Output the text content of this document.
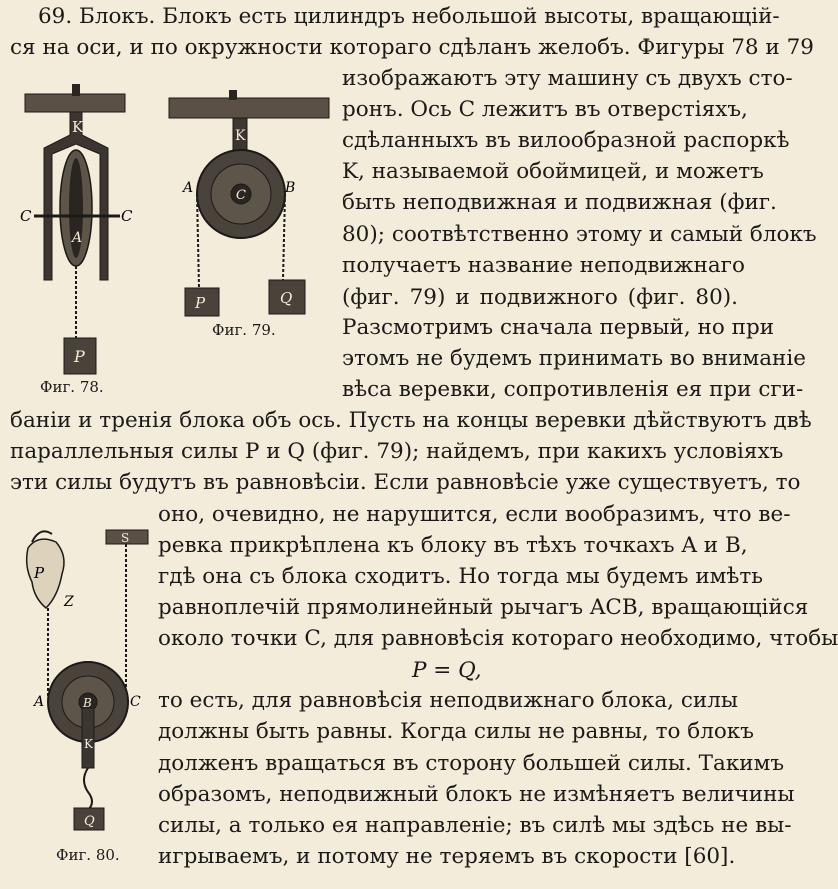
69. Блокъ. Блокъ есть цилиндръ небольшой высоты, вращающій-
ся на оси, и по окружности котораго сдѣланъ желобъ. Фигуры 78 и 79
изображаютъ эту машину съ двухъ сто-
ронъ. Ось C лежитъ въ отверстіяхъ,
сдѣланныхъ въ вилообразной распоркѣ
K, называемой обоймицей, и можетъ
быть неподвижная и подвижная (фиг.
80); соотвѣтственно этому и самый блокъ
получаетъ название неподвижнаго
(фиг. 79) и подвижного (фиг. 80).
Разсмотримъ сначала первый, но при
этомъ не будемъ принимать во вниманіе
вѣса веревки, сопротивленія ея при сги-
баніи и тренія блока объ ось. Пусть на концы веревки дѣйствуютъ двѣ
параллельныя силы P и Q (фиг. 79); найдемъ, при какихъ условіяхъ
эти силы будутъ въ равновѣсіи. Если равновѣсіе уже существуетъ, то
оно, очевидно, не нарушится, если вообразимъ, что ве-
ревка прикрѣплена къ блоку въ тѣхъ точкахъ A и B,
гдѣ она съ блока сходитъ. Но тогда мы будемъ имѣть
равноплечій прямолинейный рычагъ ACB, вращающійся
около точки C, для равновѣсія котораго необходимо, чтобы
P = Q,
то есть, для равновѣсія неподвижнаго блока, силы
должны быть равны. Когда силы не равны, то блокъ
долженъ вращаться въ сторону большей силы. Такимъ
образомъ, неподвижный блокъ не измѣняетъ величины
силы, а только ея направленіе; въ силѣ мы здѣсь не вы-
игрываемъ, и потому не теряемъ въ скорости [60].
K
C	C
A
P
Фиг. 78.
K
A	B
C
P	Q
Фиг. 79.
S
P
Z
A	B	C
K
Q
Фиг. 80.
